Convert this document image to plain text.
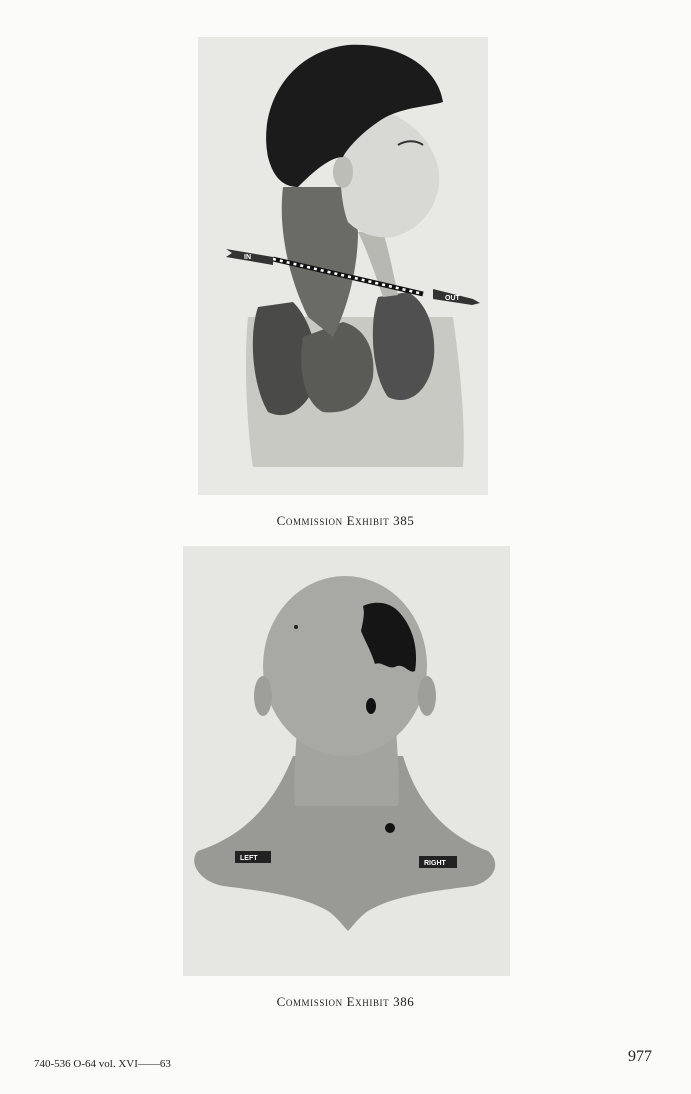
IN
OUT
Commission Exhibit 385
LEFT
RIGHT
Commission Exhibit 386
740-536 O-64 vol. XVI——63	977
